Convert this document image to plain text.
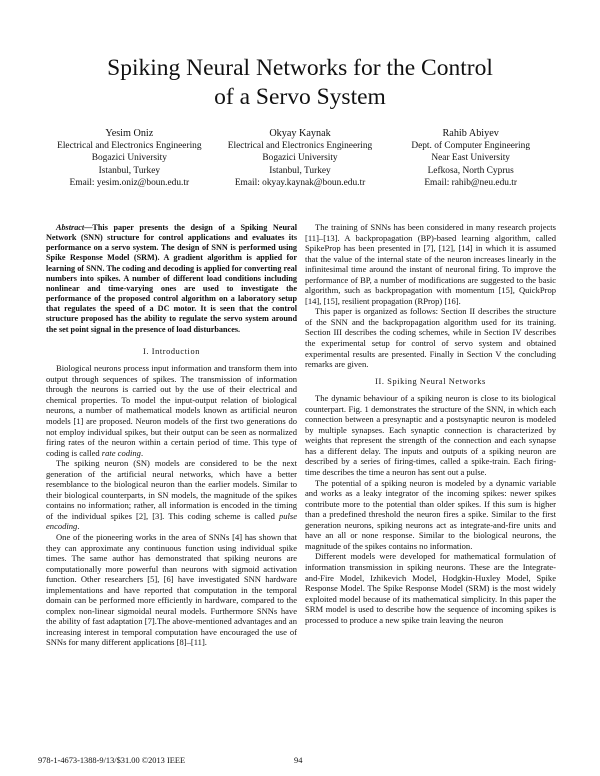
Spiking Neural Networks for the Control
of a Servo System
Yesim Oniz
Electrical and Electronics Engineering
Bogazici University
Istanbul, Turkey
Email: yesim.oniz@boun.edu.tr
Okyay Kaynak
Electrical and Electronics Engineering
Bogazici University
Istanbul, Turkey
Email: okyay.kaynak@boun.edu.tr
Rahib Abiyev
Dept. of Computer Engineering
Near East University
Lefkosa, North Cyprus
Email: rahib@neu.edu.tr

Abstract—This paper presents the design of a Spiking Neural Network (SNN) structure for control applications and evaluates its performance on a servo system. The design of SNN is performed using Spike Response Model (SRM). A gradient algorithm is applied for learning of SNN. The coding and decoding is applied for converting real numbers into spikes. A number of different load conditions including nonlinear and time-varying ones are used to investigate the performance of the proposed control algorithm on a laboratory setup that regulates the speed of a DC motor. It is seen that the control structure proposed has the ability to regulate the servo system around the set point signal in the presence of load disturbances.

I. Introduction

Biological neurons process input information and transform them into output through sequences of spikes. The transmission of information through the neurons is carried out by the use of their electrical and chemical properties. To model the input-output relation of biological neurons, a number of mathematical models known as artificial neuron models [1] are proposed. Neuron models of the first two generations do not employ individual spikes, but their output can be seen as normalized firing rates of the neuron within a certain period of time. This type of coding is called rate coding.

The spiking neuron (SN) models are considered to be the next generation of the artificial neural networks, which have a better resemblance to the biological neuron than the earlier models. Similar to their biological counterparts, in SN models, the magnitude of the spikes contains no information; rather, all information is encoded in the timing of the individual spikes [2], [3]. This coding scheme is called pulse encoding.

One of the pioneering works in the area of SNNs [4] has shown that they can approximate any continuous function using individual spike times. The same author has demonstrated that spiking neurons are computationally more powerful than neurons with sigmoid activation function. Other researchers [5], [6] have investigated SNN hardware implementations and have reported that computation in the temporal domain can be performed more efficiently in hardware, compared to the complex non-linear sigmoidal neural models. Furthermore SNNs have the ability of fast adaptation [7].The above-mentioned advantages and an increasing interest in temporal computation have encouraged the use of SNNs for many different applications [8]–[11].

The training of SNNs has been considered in many research projects [11]–[13]. A backpropagation (BP)-based learning algorithm, called SpikeProp has been presented in [7], [12], [14] in which it is assumed that the value of the internal state of the neuron increases linearly in the infinitesimal time around the instant of neuronal firing. To improve the performance of BP, a number of modifications are suggested to the basic algorithm, such as backpropagation with momentum [15], QuickProp [14], [15], resilient propagation (RProp) [16].

This paper is organized as follows: Section II describes the structure of the SNN and the backpropagation algorithm used for its training. Section III describes the coding schemes, while in Section IV describes the experimental setup for control of servo system and obtained experimental results are presented. Finally in Section V the concluding remarks are given.

II. Spiking Neural Networks

The dynamic behaviour of a spiking neuron is close to its biological counterpart. Fig. 1 demonstrates the structure of the SNN, in which each connection between a presynaptic and a postsynaptic neuron is modeled by multiple synapses. Each synaptic connection is characterized by weights that represent the strength of the connection and each synapse has a different delay. The inputs and outputs of a spiking neuron are described by a series of firing-times, called a spike-train. Each firing-time describes the time a neuron has sent out a pulse.

The potential of a spiking neuron is modeled by a dynamic variable and works as a leaky integrator of the incoming spikes: newer spikes contribute more to the potential than older spikes. If this sum is higher than a predefined threshold the neuron fires a spike. Similar to the first generation neurons, spiking neurons act as integrate-and-fire units and have an all or none response. Similar to the biological neurons, the magnitude of the spikes contains no information.

Different models were developed for mathematical formulation of information transmission in spiking neurons. These are the Integrate-and-Fire Model, Izhikevich Model, Hodgkin-Huxley Model, Spike Response Model. The Spike Response Model (SRM) is the most widely exploited model because of its mathematical simplicity. In this paper the SRM model is used to describe how the sequence of incoming spikes is processed to produce a new spike train leaving the neuron

978-1-4673-1388-9/13/$31.00 ©2013 IEEE	94
